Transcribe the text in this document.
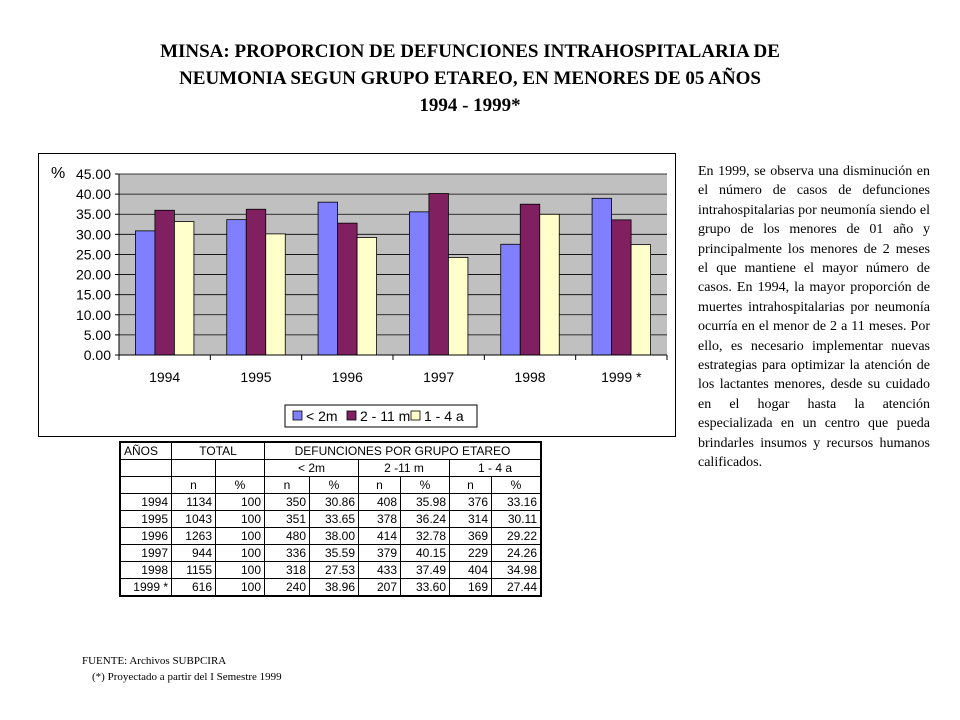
MINSA: PROPORCION DE DEFUNCIONES INTRAHOSPITALARIA DE
NEUMONIA SEGUN GRUPO ETAREO, EN MENORES DE 05 AÑOS
1994 - 1999*
0.00
5.00
10.00
15.00
20.00
25.00
30.00
35.00
40.00
45.00
%
1994	1995	1996	1997	1998	1999 *
< 2m 2 - 11 m 1 - 4 a
En 1999, se observa una disminución en el número de casos de defunciones intrahospitalarias por neumonía siendo el grupo de los menores de 01 año y principalmente los menores de 2 meses el que mantiene el mayor número de casos. En 1994, la mayor proporción de muertes intrahospitalarias por neumonía ocurría en el menor de 2 a 11 meses. Por ello, es necesario implementar nuevas estrategias para optimizar la atención de los lactantes menores, desde su cuidado en el hogar hasta la atención especializada en un centro que pueda brindarles insumos y recursos humanos calificados.
AÑOS	TOTAL		DEFUNCIONES POR GRUPO ETAREO					
			< 2m		2 -11 m		1 - 4 a	
	n	%	n	%	n	%	n	%
1994	1134	100	350	30.86	408	35.98	376	33.16
1995	1043	100	351	33.65	378	36.24	314	30.11
1996	1263	100	480	38.00	414	32.78	369	29.22
1997	944	100	336	35.59	379	40.15	229	24.26
1998	1155	100	318	27.53	433	37.49	404	34.98
1999 *	616	100	240	38.96	207	33.60	169	27.44
FUENTE: Archivos SUBPCIRA
(*) Proyectado a partir del I Semestre 1999
